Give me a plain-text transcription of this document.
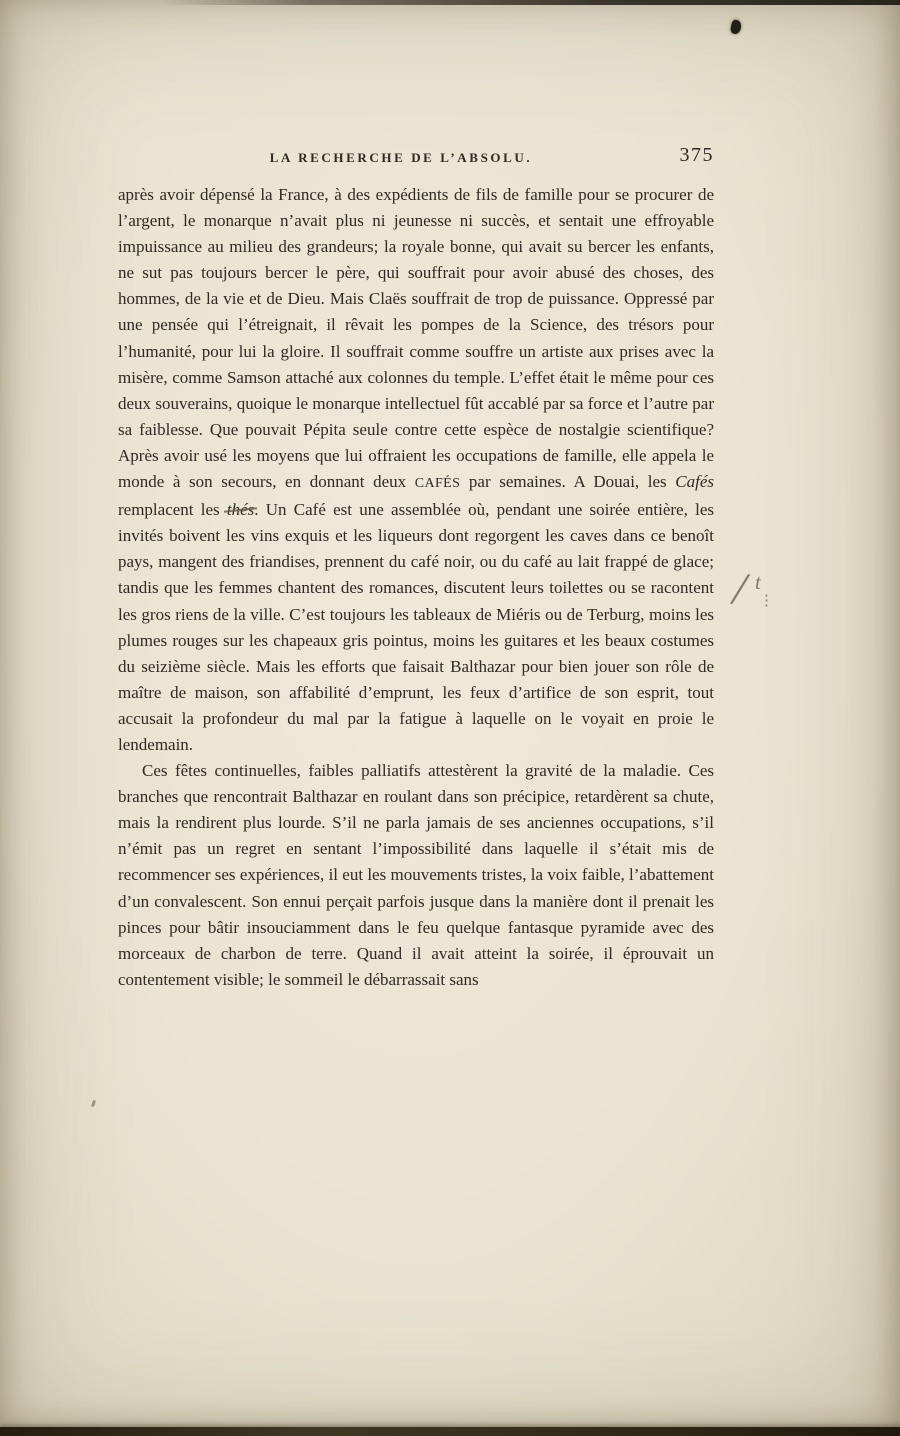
LA RECHERCHE DE L’ABSOLU.	375

après avoir dépensé la France, à des expédients de fils de famille pour se procurer de l’argent, le monarque n’avait plus ni jeunesse ni succès, et sentait une effroyable impuissance au milieu des grandeurs; la royale bonne, qui avait su bercer les enfants, ne sut pas toujours bercer le père, qui souffrait pour avoir abusé des choses, des hommes, de la vie et de Dieu. Mais Claës souffrait de trop de puissance. Oppressé par une pensée qui l’étreignait, il rêvait les pompes de la Science, des trésors pour l’humanité, pour lui la gloire. Il souffrait comme souffre un artiste aux prises avec la misère, comme Samson attaché aux colonnes du temple. L’effet était le même pour ces deux souverains, quoique le monarque intellectuel fût accablé par sa force et l’autre par sa faiblesse. Que pouvait Pépita seule contre cette espèce de nostalgie scientifique? Après avoir usé les moyens que lui offraient les occupations de famille, elle appela le monde à son secours, en donnant deux CAFÉS par semaines. A Douai, les Cafés remplacent les thés. Un Café est une assemblée où, pendant une soirée entière, les invités boivent les vins exquis et les liqueurs dont regorgent les caves dans ce benoît pays, mangent des friandises, prennent du café noir, ou du café au lait frappé de glace; tandis que les femmes chantent des romances, discutent leurs toilettes ou se racontent les gros riens de la ville. C’est toujours les tableaux de Miéris ou de Terburg, moins les plumes rouges sur les chapeaux gris pointus, moins les guitares et les beaux costumes du seizième siècle. Mais les efforts que faisait Balthazar pour bien jouer son rôle de maître de maison, son affabilité d’emprunt, les feux d’artifice de son esprit, tout accusait la profondeur du mal par la fatigue à laquelle on le voyait en proie le lendemain.

Ces fêtes continuelles, faibles palliatifs attestèrent la gravité de la maladie. Ces branches que rencontrait Balthazar en roulant dans son précipice, retardèrent sa chute, mais la rendirent plus lourde. S’il ne parla jamais de ses anciennes occupations, s’il n’émit pas un regret en sentant l’impossibilité dans laquelle il s’était mis de recommencer ses expériences, il eut les mouvements tristes, la voix faible, l’abattement d’un convalescent. Son ennui perçait parfois jusque dans la manière dont il prenait les pinces pour bâtir insouciamment dans le feu quelque fantasque pyramide avec des morceaux de charbon de terre. Quand il avait atteint la soirée, il éprouvait un contentement visible; le sommeil le débarrassait sans

/ t
⋮
